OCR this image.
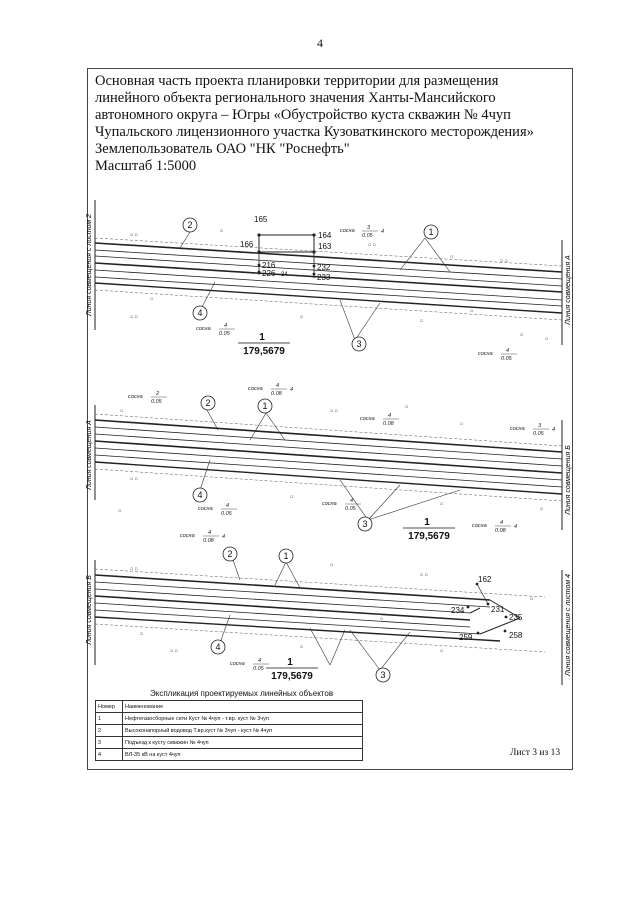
4
Основная часть проекта планировки территории для размещения
линейного объекта регионального значения Ханты-Мансийского
автономного округа – Югры «Обустройство куста скважин № 4чуп
Чупальского лицензионного участка Кузоваткинского месторождения»
Землепользователь ОАО "НК "Роснефть"
Масштаб 1:5000
Линия совмещения с листом 2	Линия совмещения А
165
164
166	163
216
226
232
233
34
2
1
4
3
1
179,5679
сосна 3
0.05
4
сосна 4
0.05
сосна 4
0.05
▫ ▫
▫
▫ ▫
▫
▫ ▫
▫
▫
▫
▫
▫ ▫
▫
▫
Линия совмещения А	Линия совмещения Б
2	1
4
3	1
179,5679
сосна 2
0.05
сосна 4
0.08
4
сосна 4
0.08
сосна 3
0.05
4
сосна 4
0.05
сосна 4
0.05
сосна 4
0.08
4
▫	▫ ▫
▫
▫ ▫
▫
▫
▫	▫
▫
Линия совмещения Б	Линия совмещения с листом 4
162
234	231
235
259	258
2	1
4
3
1
179,5679
сосна 4
0.08
4
сосна 4
0.05
▫ ▫
▫
▫ ▫
▫
▫
▫
▫
▫
▫ ▫
Экспликация проектируемых линейных объектов
Номер	Наименование
1	Нефтегазосборные сети Куст № 4чуп - т.вр. куст № 3чуп
2	Высоконапорный водовод Т.вр.куст № 3чуп - куст № 4чуп
3	Подъезд к кусту скважин № 4чуп
4	ВЛ-35 кВ на куст 4чуп	Лист 3 из 13
